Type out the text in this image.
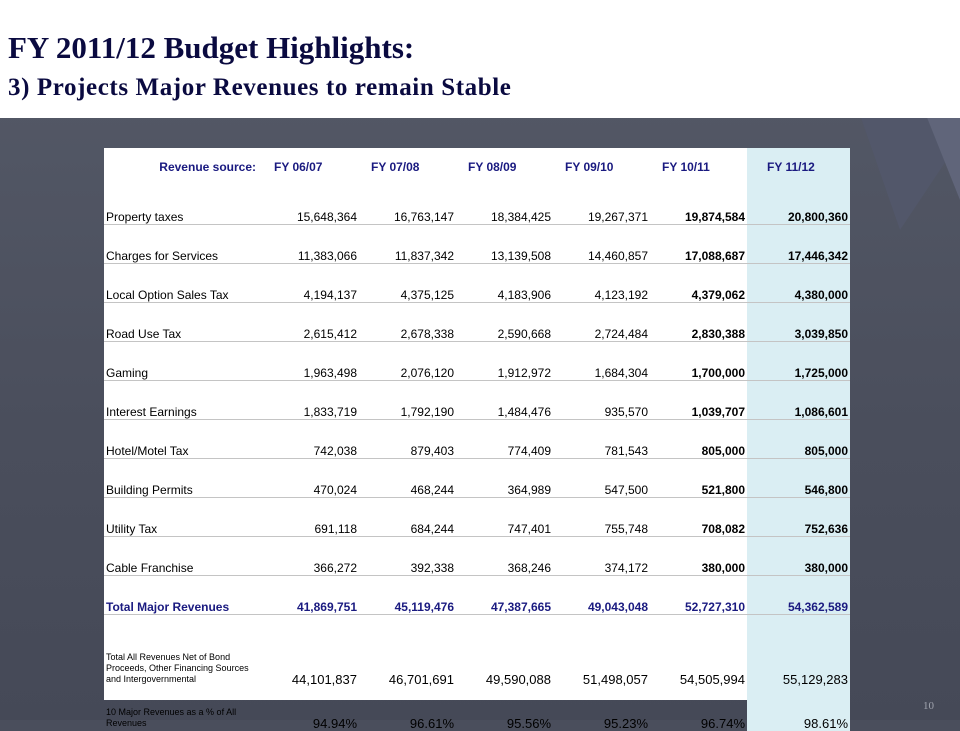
FY 2011/12 Budget Highlights:
3) Projects Major Revenues to remain Stable
Revenue source:	FY 06/07	FY 07/08	FY 08/09	FY 09/10	FY 10/11	FY 11/12
Property taxes	15,648,364	16,763,147	18,384,425	19,267,371	19,874,584	20,800,360
Charges for Services	11,383,066	11,837,342	13,139,508	14,460,857	17,088,687	17,446,342
Local Option Sales Tax	4,194,137	4,375,125	4,183,906	4,123,192	4,379,062	4,380,000
Road Use Tax	2,615,412	2,678,338	2,590,668	2,724,484	2,830,388	3,039,850
Gaming	1,963,498	2,076,120	1,912,972	1,684,304	1,700,000	1,725,000
Interest Earnings	1,833,719	1,792,190	1,484,476	935,570	1,039,707	1,086,601
Hotel/Motel Tax	742,038	879,403	774,409	781,543	805,000	805,000
Building Permits	470,024	468,244	364,989	547,500	521,800	546,800
Utility Tax	691,118	684,244	747,401	755,748	708,082	752,636
Cable Franchise	366,272	392,338	368,246	374,172	380,000	380,000
Total Major Revenues	41,869,751	45,119,476	47,387,665	49,043,048	52,727,310	54,362,589
Total All Revenues Net of Bond Proceeds, Other Financing Sources and Intergovernmental	44,101,837	46,701,691	49,590,088	51,498,057	54,505,994	55,129,283
10 Major Revenues as a % of All Revenues	94.94%	96.61%	95.56%	95.23%	96.74%	98.61%
10
